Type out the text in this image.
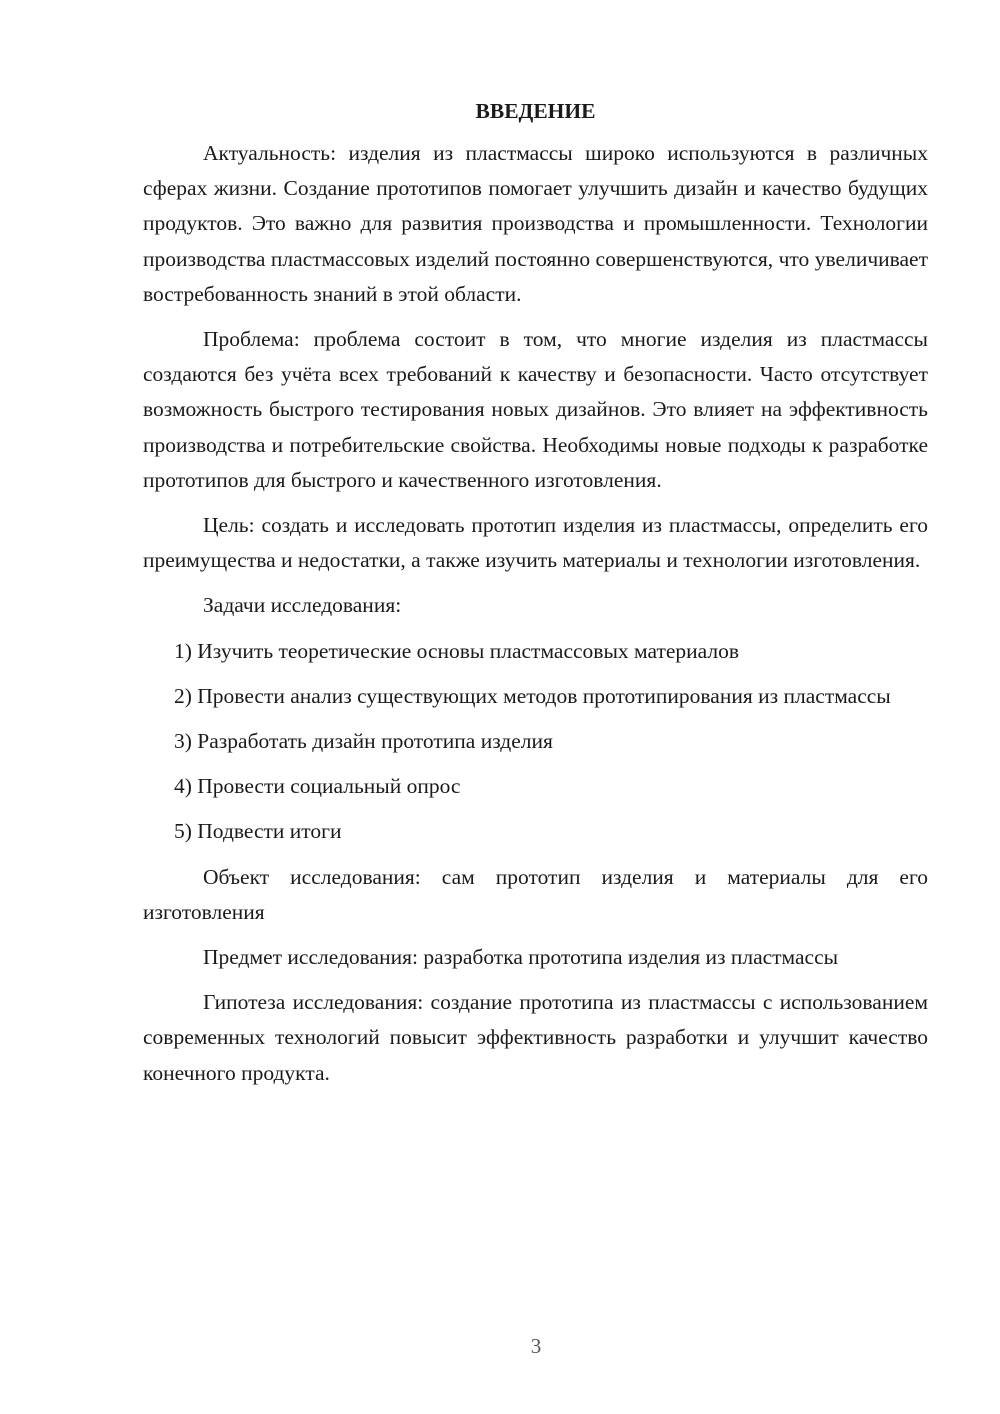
ВВЕДЕНИЕ

Актуальность: изделия из пластмассы широко используются в различных сферах жизни. Создание прототипов помогает улучшить дизайн и качество будущих продуктов. Это важно для развития производства и промышленности. Технологии производства пластмассовых изделий постоянно совершенствуются, что увеличивает востребованность знаний в этой области.

Проблема: проблема состоит в том, что многие изделия из пластмассы создаются без учёта всех требований к качеству и безопасности. Часто отсутствует возможность быстрого тестирования новых дизайнов. Это влияет на эффективность производства и потребительские свойства. Необходимы новые подходы к разработке прототипов для быстрого и качественного изготовления.

Цель: создать и исследовать прототип изделия из пластмассы, определить его преимущества и недостатки, а также изучить материалы и технологии изготовления.

Задачи исследования:

1) Изучить теоретические основы пластмассовых материалов

2) Провести анализ существующих методов прототипирования из пластмассы

3) Разработать дизайн прототипа изделия

4) Провести социальный опрос

5) Подвести итоги

Объект исследования: сам прототип изделия и материалы для его изготовления

Предмет исследования: разработка прототипа изделия из пластмассы

Гипотеза исследования: создание прототипа из пластмассы с использованием современных технологий повысит эффективность разработки и улучшит качество конечного продукта.

3
